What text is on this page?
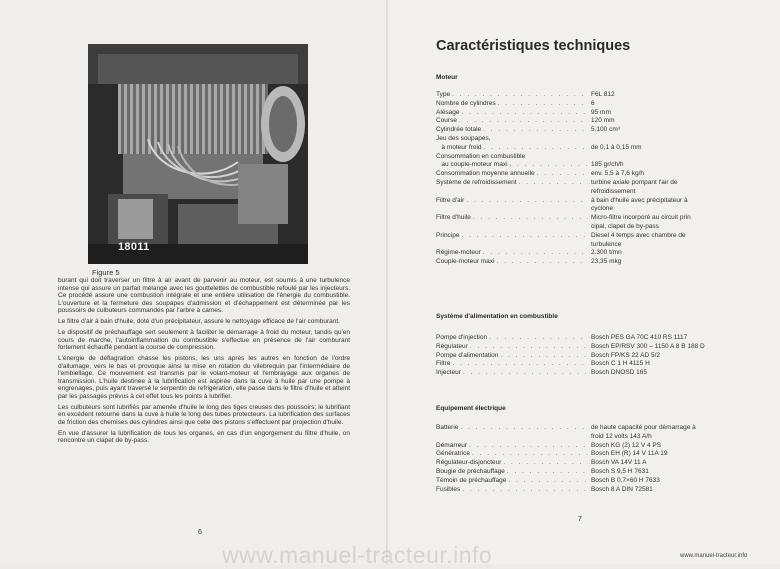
18011
Figure 5

burant qui doit traverser un filtre à air avant de parvenir au moteur, est soumis à une turbulence intense qui assure un parfait mélange avec les gouttelettes de combustible refoulé par les injecteurs. Ce procédé assure une combustion intégrale et une entière utilisation de l'énergie du combustible. L'ouverture et la fermeture des soupapes d'admission et d'échappement est déterminée par les poussoirs de culbuteurs commandés par l'arbre à cames.

Le filtre d'air à bain d'huile, doté d'un précipitateur, assure le nettoyage efficace de l'air comburant.

Le dispositif de préchauffage sert seulement à faciliter le démarrage à froid du moteur, tandis qu'en cours de marche, l'autoinflammation du combustible s'effectue en présence de l'air comburant fortement échauffé pendant la course de compression.

L'énergie de déflagration chasse les pistons, les uns après les autres en fonction de l'ordre d'allumage, vers le bas et provoque ainsi la mise en rotation du vilebrequin par l'intermédiaire de l'embiellage. Ce mouvement est transmis par le volant-moteur et l'embrayage aux organes de transmission. L'huile destinée à la lubrification est aspirée dans la cuve à huile par une pompe à engrenages, puis ayant traversé le serpentin de refrigération, elle passe dans le filtre d'huile et atteint par les passages prévus à cet effet tous les points à lubrifier.

Les culbuteurs sont lubrifiés par amenée d'huile le long des tiges creuses des poussoirs; le lubrifiant en excédent retourne dans la cuve à huile le long des tubes protecteurs. La lubrification des surfaces de friction des chemises des cylindres ainsi que celle des pistons s'effectuent par projection d'huile.

En vue d'assurer la lubrification de tous les organes, en cas d'un engorgement du filtre d'huile, on rencontre un clapet de by-pass.

6
Caractéristiques techniques
Moteur
Type . . .	F6L 812
Nombre de cylindres . . .	6
Alésage . . .	95 mm
Course . . .	120 mm
Cylindrée totale . . .	5.100 cm³
Jeu des soupapes,
à moteur froid . . .	de 0,1 à 0,15 mm
Consommation en combustible
au couple-moteur maxi . . .	185 gr/ch/h
Consommation moyenne annuelle . . .	env. 5,5 à 7,6 kg/h
Système de refroidissement . . .	turbine axiale pompant l'air de
refroidissement
Filtre d'air . . .	à bain d'huile avec précipitateur à
cyclone
Filtre d'huile . . .	Micro-filtre incorporé au circuit prin
cipal, clapet de by-pass
Principe . . .	Diesel 4 temps avec chambre de
turbulence
Régime-moteur . . .	2.300 t/mn
Couple-moteur maxi . . .	23,35 mkg
Système d'alimentation en combustible
Pompe d'injection . . .	Bosch PES GA 70C 410 RS 1117
Régulateur . . .	Bosch EP/RSV 300 – 1150 A 8 B 188 D
Pompe d'alimentation . . .	Bosch FP/KS 22 AD 5/2
Filtre . . .	Bosch C 1 H 4115 H
Injecteur . . .	Bosch DNOSD 165
Equipement électrique
Batterie . . .	de haute capacité pour démarrage à
froid 12 volts 143 A/h
Démarreur . . .	Bosch KG (2) 12 V 4 PS
Génératrice . . .	Bosch EH (R) 14 V 11A 19
Régulateur-disjoncteur . . .	Bosch VA 14V 11 A
Bougie de préchauffage . . .	Bosch S 9,5 H 7631
Témoin de préchauffage . . .	Bosch B 0,7×60 H 7633
Fusibles . . .	Bosch 8 A DIN 72581
7
www.manuel-tracteur.info	www.manuel-tracteur.info
